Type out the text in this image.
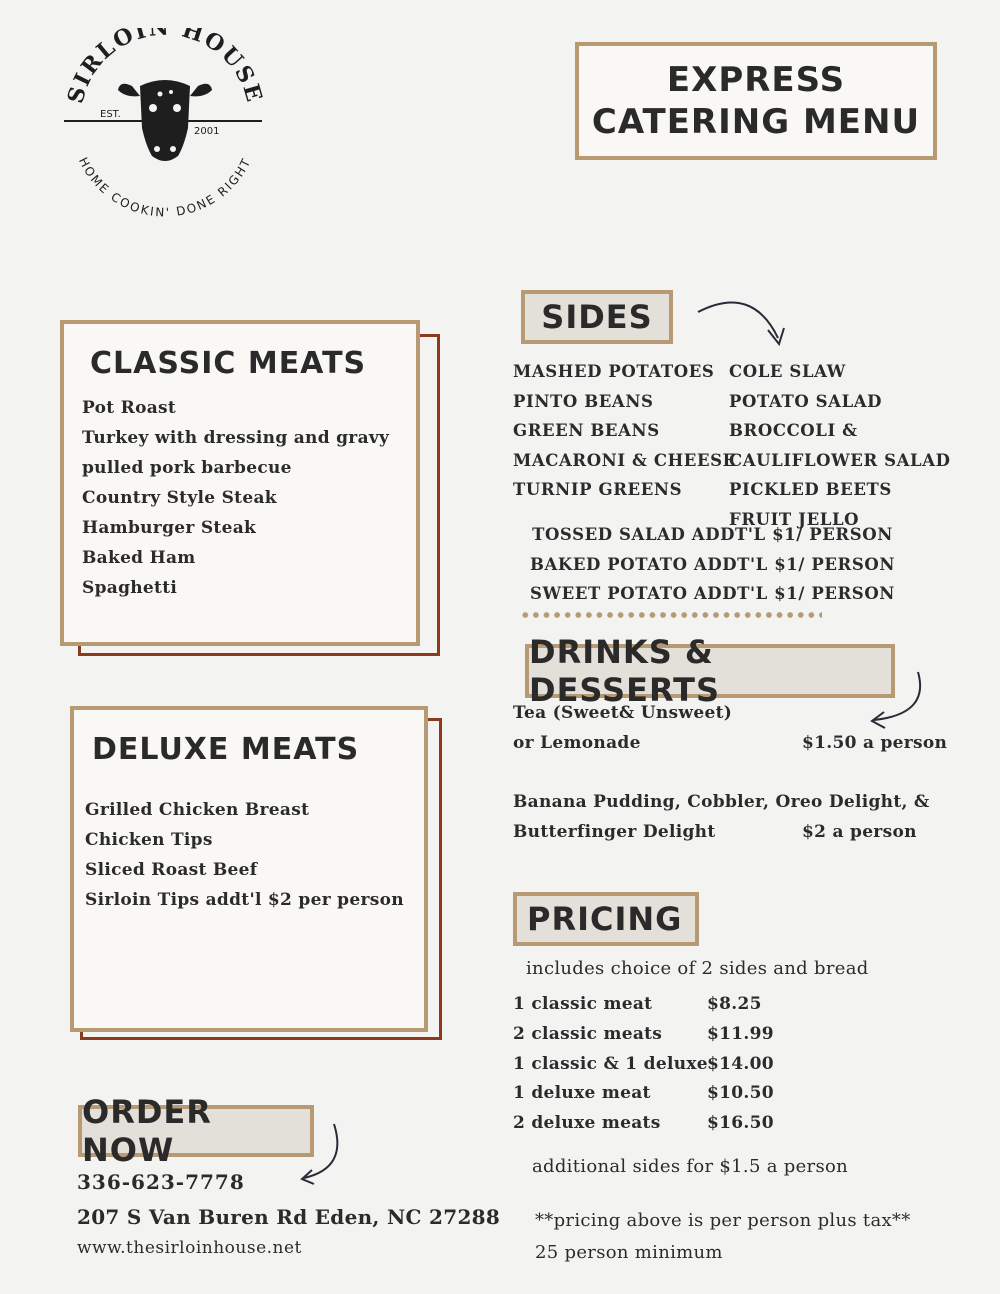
SIRLOIN HOUSE
HOME COOKIN' DONE RIGHT
EST.
2001
EXPRESS
CATERING MENU
CLASSIC MEATS
Pot Roast
Turkey with dressing and gravy
pulled pork barbecue
Country Style Steak
Hamburger Steak
Baked Ham
Spaghetti
DELUXE MEATS
Grilled Chicken Breast
Chicken Tips
Sliced Roast Beef
Sirloin Tips addt'l $2 per person
ORDER NOW
336-623-7778
207 S Van Buren Rd Eden, NC 27288
www.thesirloinhouse.net
SIDES
MASHED POTATOES
PINTO BEANS
GREEN BEANS
MACARONI & CHEESE
TURNIP GREENS
COLE SLAW
POTATO SALAD
BROCCOLI &
CAULIFLOWER SALAD
PICKLED BEETS
FRUIT JELLO
TOSSED SALAD ADDT'L $1/ PERSON
BAKED POTATO ADDT'L $1/ PERSON
SWEET POTATO ADDT'L $1/ PERSON
DRINKS & DESSERTS
Tea (Sweet& Unsweet)
or Lemonade	$1.50 a person
Banana Pudding, Cobbler, Oreo Delight, &
Butterfinger Delight	$2 a person
PRICING
includes choice of 2 sides and bread
1 classic meat	$8.25
2 classic meats	$11.99
1 classic & 1 deluxe $14.00
1 deluxe meat	$10.50
2 deluxe meats	$16.50
additional sides for $1.5 a person
**pricing above is per person plus tax**
25 person minimum
